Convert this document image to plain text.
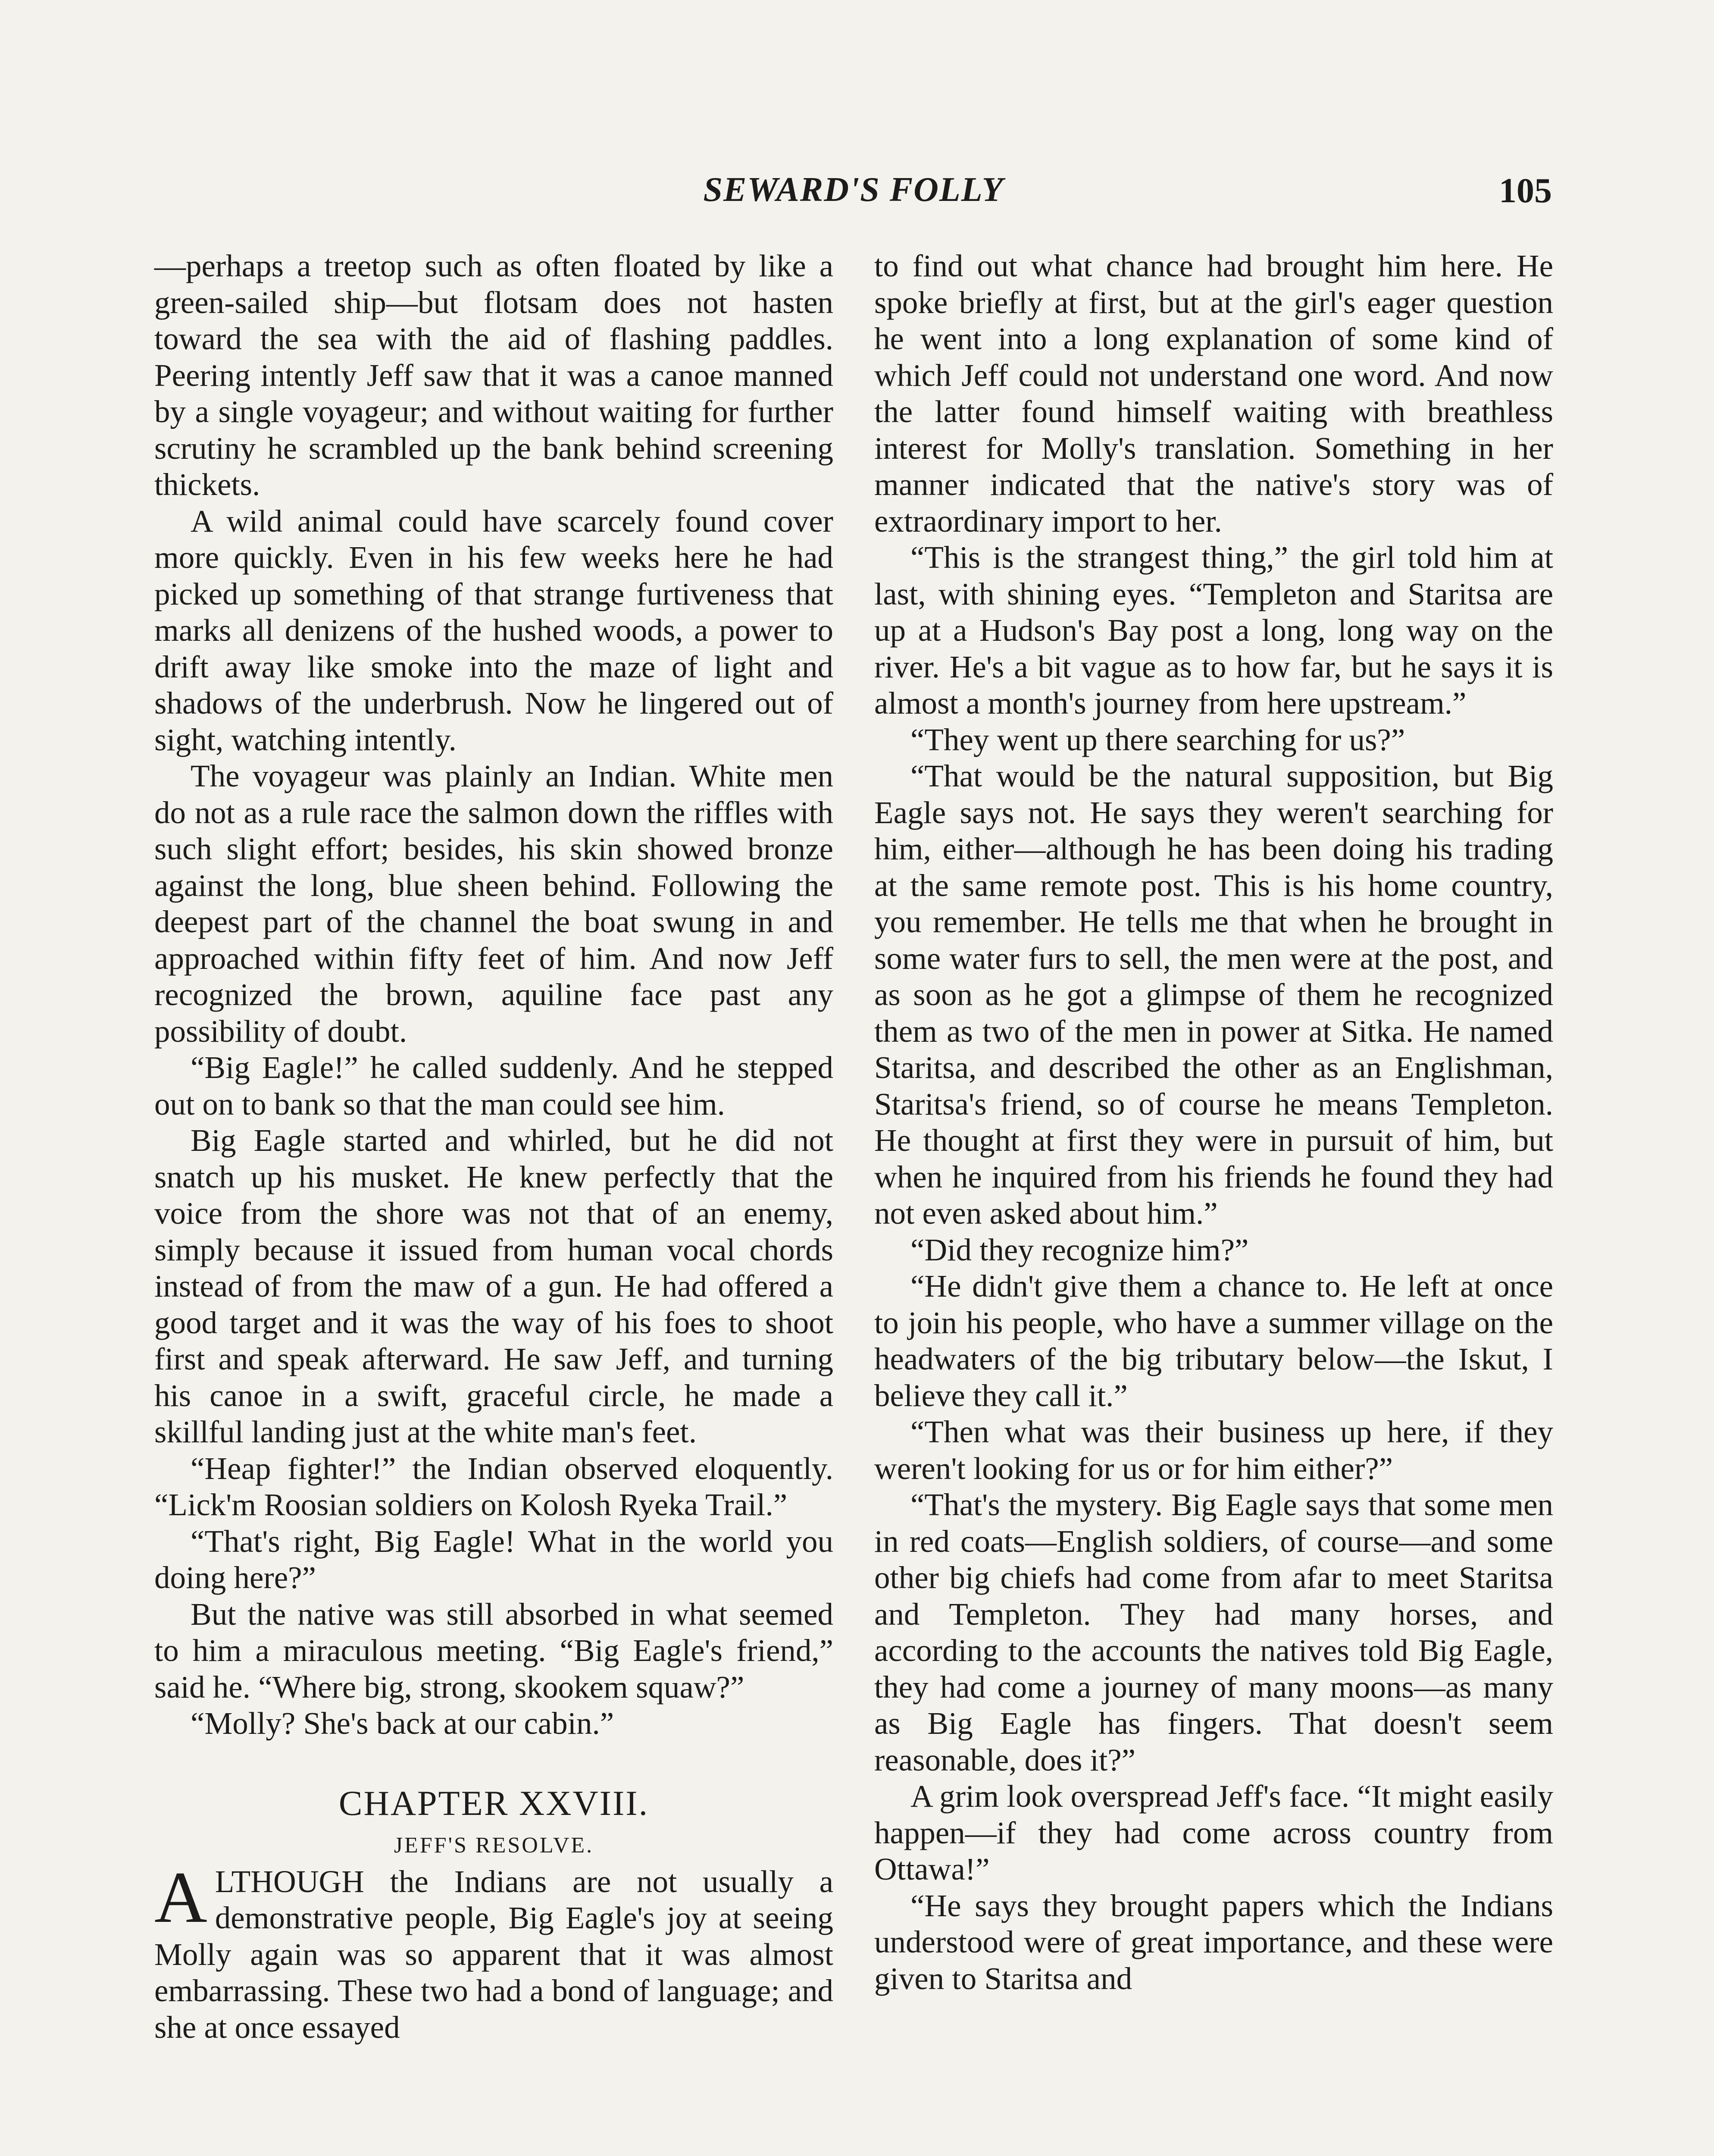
SEWARD'S FOLLY	105

—perhaps a treetop such as often floated by like a green-sailed ship—but flotsam does not hasten toward the sea with the aid of flashing paddles. Peering intently Jeff saw that it was a canoe manned by a single voyageur; and without waiting for further scrutiny he scrambled up the bank behind screening thickets.

A wild animal could have scarcely found cover more quickly. Even in his few weeks here he had picked up something of that strange furtiveness that marks all denizens of the hushed woods, a power to drift away like smoke into the maze of light and shadows of the underbrush. Now he lingered out of sight, watching intently.

The voyageur was plainly an Indian. White men do not as a rule race the salmon down the riffles with such slight effort; besides, his skin showed bronze against the long, blue sheen behind. Following the deepest part of the channel the boat swung in and approached within fifty feet of him. And now Jeff recognized the brown, aquiline face past any possibility of doubt.

“Big Eagle!” he called suddenly. And he stepped out on to bank so that the man could see him.

Big Eagle started and whirled, but he did not snatch up his musket. He knew perfectly that the voice from the shore was not that of an enemy, simply because it issued from human vocal chords instead of from the maw of a gun. He had offered a good target and it was the way of his foes to shoot first and speak afterward. He saw Jeff, and turning his canoe in a swift, graceful circle, he made a skillful landing just at the white man's feet.

“Heap fighter!” the Indian observed eloquently. “Lick'm Roosian soldiers on Kolosh Ryeka Trail.”

“That's right, Big Eagle! What in the world you doing here?”

But the native was still absorbed in what seemed to him a miraculous meeting. “Big Eagle's friend,” said he. “Where big, strong, skookem squaw?”

“Molly? She's back at our cabin.”

CHAPTER XXVIII.
JEFF'S RESOLVE.

ALTHOUGH the Indians are not usually a demonstrative people, Big Eagle's joy at seeing Molly again was so apparent that it was almost embarrassing. These two had a bond of language; and she at once essayed

to find out what chance had brought him here. He spoke briefly at first, but at the girl's eager question he went into a long explanation of some kind of which Jeff could not understand one word. And now the latter found himself waiting with breathless interest for Molly's translation. Something in her manner indicated that the native's story was of extraordinary import to her.

“This is the strangest thing,” the girl told him at last, with shining eyes. “Templeton and Staritsa are up at a Hudson's Bay post a long, long way on the river. He's a bit vague as to how far, but he says it is almost a month's journey from here upstream.”

“They went up there searching for us?”

“That would be the natural supposition, but Big Eagle says not. He says they weren't searching for him, either—although he has been doing his trading at the same remote post. This is his home country, you remember. He tells me that when he brought in some water furs to sell, the men were at the post, and as soon as he got a glimpse of them he recognized them as two of the men in power at Sitka. He named Staritsa, and described the other as an Englishman, Staritsa's friend, so of course he means Templeton. He thought at first they were in pursuit of him, but when he inquired from his friends he found they had not even asked about him.”

“Did they recognize him?”

“He didn't give them a chance to. He left at once to join his people, who have a summer village on the headwaters of the big tributary below—the Iskut, I believe they call it.”

“Then what was their business up here, if they weren't looking for us or for him either?”

“That's the mystery. Big Eagle says that some men in red coats—English soldiers, of course—and some other big chiefs had come from afar to meet Staritsa and Templeton. They had many horses, and according to the accounts the natives told Big Eagle, they had come a journey of many moons—as many as Big Eagle has fingers. That doesn't seem reasonable, does it?”

A grim look overspread Jeff's face. “It might easily happen—if they had come across country from Ottawa!”

“He says they brought papers which the Indians understood were of great importance, and these were given to Staritsa and
